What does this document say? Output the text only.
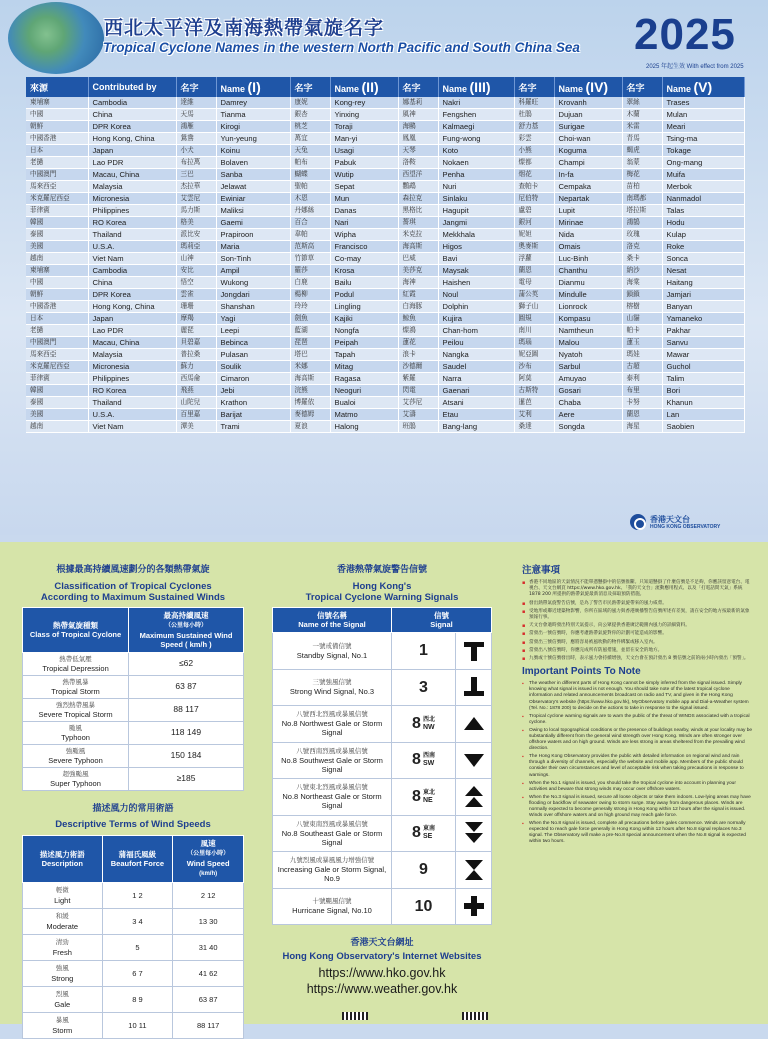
西北太平洋及南海熱帶氣旋名字
Tropical Cyclone Names in the western North Pacific and South China Sea 2025
2025 年起生效 With effect from 2025
來源	Contributed by	名字	Name (I)	名字	Name (II)	名字	Name (III)	名字	Name (IV)	名字	Name (V)
柬埔寨	Cambodia	達維	Damrey	康妮	Kong-rey	娜基莉	Nakri	科羅旺	Krovanh	翠絲	Trases
中國	China	天馬	Tianma	銀杏	Yinxing	風神	Fengshen	杜鵑	Dujuan	木蘭	Mulan
朝鮮	DPR Korea	鴻雁	Kirogi	桃芝	Toraji	海鷗	Kalmaegi	舒力基	Surigae	米雷	Meari
中國香港	Hong Kong, China	鴛鴦	Yun-yeung	萬宜	Man-yi	鳳凰	Fung-wong	彩雲	Choi-wan	青馬	Tsing-ma
日本	Japan	小犬	Koinu	天兔	Usagi	天琴	Koto	小熊	Koguma	蝎虎	Tokage
老撾	Lao PDR	布拉萬	Bolaven	帕布	Pabuk	洛鞍	Nokaen	燦都	Champi	翁蒙	Ong-mang
中國澳門	Macau, China	三巴	Sanba	蝴蝶	Wutip	西望洋	Penha	烟花	In-fa	梅花	Muifa
馬來西亞	Malaysia	杰拉華	Jelawat	聖帕	Sepat	鸚鵡	Nuri	查帕卡	Cempaka	苗柏	Merbok
米克羅尼西亞	Micronesia	艾雲尼	Ewiniar	木恩	Mun	森拉克	Sinlaku	尼伯特	Nepartak	南瑪都	Nanmadol
菲律賓	Philippines	馬力斯	Maliksi	丹娜絲	Danas	黑格比	Hagupit	盧碧	Lupit	塔拉斯	Talas
韓國	RO Korea	格美	Gaemi	百合	Nari	薔琪	Jangmi	銀河	Mirinae	鴻鵠	Hodu
泰國	Thailand	派比安	Prapiroon	韋帕	Wipha	米克拉	Mekkhala	妮妲	Nida	玫瑰	Kulap
美國	U.S.A.	瑪莉亞	Maria	范斯高	Francisco	海高斯	Higos	奧麥斯	Omais	洛克	Roke
越南	Viet Nam	山神	Son-Tinh	竹節草	Co-may	巴威	Bavi	浮蘿	Luc-Binh	桑卡	Sonca
柬埔寨	Cambodia	安比	Ampil	羅莎	Krosa	美莎克	Maysak	蘭恩	Chanthu	納沙	Nesat
中國	China	悟空	Wukong	白鹿	Bailu	海神	Haishen	電母	Dianmu	海棠	Haitang
朝鮮	DPR Korea	雲雀	Jongdari	楊柳	Podul	紅霞	Noul	蒲公英	Mindulle	鎖鎖	Jamjari
中國香港	Hong Kong, China	珊珊	Shanshan	玲玲	Lingling	白海豚	Dolphin	獅子山	Lionrock	榕樹	Banyan
日本	Japan	摩羯	Yagi	劍魚	Kajiki	鯨魚	Kujira	圓規	Kompasu	山貓	Yamaneko
老撾	Lao PDR	麗琵	Leepi	藍湖	Nongfa	燦鴻	Chan-hom	南川	Namtheun	帕卡	Pakhar
中國澳門	Macau, China	貝碧嘉	Bebinca	琵琶	Peipah	蓮花	Peilou	瑪瑙	Malou	蓮玉	Sanvu
馬來西亞	Malaysia	普拉桑	Pulasan	塔巴	Tapah	浪卡	Nangka	妮亞圖	Nyatoh	瑪娃	Mawar
米克羅尼西亞	Micronesia	蘇力	Soulik	米娜	Mitag	沙德爾	Saudel	沙布	Sarbul	古超	Guchol
菲律賓	Philippines	西馬侖	Cimaron	海高斯	Ragasa	紫羅	Narra	阿莫	Amuyao	泰利	Talim
韓國	RO Korea	飛燕	Jebi	浣熊	Neoguri	閃電	Gaenari	古斯特	Gosari	布里	Bori
泰國	Thailand	山陀兒	Krathon	博羅依	Bualoi	艾莎尼	Atsani	暹芭	Chaba	卡努	Khanun
美國	U.S.A.	百里嘉	Barijat	麥德姆	Matmo	艾濤	Etau	艾利	Aere	蘭恩	Lan
越南	Viet Nam	潭美	Trami	夏浪	Halong	班鵑	Bang-lang	桑達	Songda	海星	Saobien
香港天文台
HONG KONG OBSERVATORY
根據最高持續風速劃分的各類熱帶氣旋
Classification of Tropical Cyclones
According to Maximum Sustained Winds
熱帶氣旋種類
Class of Tropical Cyclone	最高持續風速
（公里每小時）
Maximum Sustained Wind Speed ( km/h )

熱帶低氣壓
Tropical Depression	≤62

熱帶風暴
Tropical Storm	63 87

強烈熱帶風暴
Severe Tropical Storm	88 117

颱風
Typhoon	118 149

強颱風
Severe Typhoon	150 184

超強颱風
Super Typhoon	≥185
描述風力的常用術語
Descriptive Terms of Wind Speeds
描述風力術語
Description	蒲福氏風級
Beaufort Force	風速
（公里每小時）
Wind Speed
(km/h)

輕微
Light	1 2	2 12

和緩
Moderate	3 4	13 30

清勁
Fresh	5	31 40

強風
Strong	6 7	41 62

烈風
Gale	8 9	63 87

暴風
Storm	10 11	88 117
香港熱帶氣旋警告信號
Hong Kong's
Tropical Cyclone Warning Signals
信號名稱
Name of the Signal	信號
Signal	

一號戒備信號
Standby Signal, No.1	1	

三號強風信號
Strong Wind Signal, No.3	3	

八號西北烈風或暴風信號
No.8 Northwest Gale or Storm Signal	8 西北
NW	

八號西南烈風或暴風信號
No.8 Southwest Gale or Storm Signal	8 西南
SW	

八號東北烈風或暴風信號
No.8 Northeast Gale or Storm Signal	8 東北
NE	

八號東南烈風或暴風信號
No.8 Southeast Gale or Storm Signal	8 東南
SE	

九號烈風或暴風風力增強信號
Increasing Gale or Storm Signal, No.9	9	

十號颶風信號
Hurricane Signal, No.10	10	
香港天文台網址
Hong Kong Observatory's Internet Websites
https://www.hko.gov.hk
https://www.weather.gov.hk
注意事項
▪ 香港不同地區的天氣情況不能單憑懸掛中的信號推斷。只知道懸掛了什麼信號是不足夠，你應該留意電台、電視台、天文台網頁 https://www.hko.gov.hk、「我的天文台」流動應用程式、以及「打電話問天氣」系統 1878 200 所提供的熱帶氣旋最新消息及採取預防措施。
▪ 發出熱帶氣旋警告信號，是為了警告市民熱帶氣旋帶來的風力威脅。
▪ 受地形或鄰近建築物影響，你所在區域的風力與香港廣播警告信號所述有差異，請在安全的地方按最新的氣象預報行事。
▪ 天文台會適時發出特別天氣提示，向公眾提供香港廣泛範圍內風力的詳細資料。
▪ 當發出一號信號時，你應考慮熱帶氣旋對你的計劃可能造成的影響。
▪ 當發出三號信號時，應將容易被風吹動的物件綁緊或移入室內。
▪ 當發出八號信號時，你應完成所有防風措施，並留在安全的地方。
▪ 九號或十號信號發出時，表示風力會持續增強，天文台會在預計發出 8 號信號之前的兩小時內發出「預警」。
Important Points To Note
▪ The weather in different parts of Hong Kong cannot be simply inferred from the signal issued. Simply knowing what signal is issued is not enough. You should take note of the latest tropical cyclone information and related announcements broadcast on radio and TV, and given in the Hong Kong Observatory's website (https://www.hko.gov.hk), MyObservatory mobile app and Dial-a-Weather system (Tel. No.: 1878 200) to decide on the actions to take in response to the signal issued.
▪ Tropical cyclone warning signals are to warn the public of the threat of WINDS associated with a tropical cyclone.
▪ Owing to local topographical conditions or the presence of buildings nearby, winds at your locality may be substantially different from the general wind strength over Hong Kong. Winds are often stronger over offshore waters and on high ground. Winds are less strong in areas sheltered from the prevailing wind direction.
▪ The Hong Kong Observatory provides the public with detailed information on regional wind and rain through a diversity of channels, especially the website and mobile app. Members of the public should consider their own circumstances and level of acceptable risk when taking precautions in response to warnings.
▪ When the No.1 signal is issued, you should take the tropical cyclone into account in planning your activities and beware that strong winds may occur over offshore waters.
▪ When the No.3 signal is issued, secure all loose objects or take them indoors. Low-lying areas may have flooding or backflow of seawater owing to storm surge. Stay away from dangerous places. Winds are normally expected to become generally strong in Hong Kong within 12 hours after the signal is issued. Winds over offshore waters and on high ground may reach gale force.
▪ When the No.8 signal is issued, complete all precautions before gales commence. Winds are normally expected to reach gale force generally in Hong Kong within 12 hours after No.8 signal replaces No.3 signal. The Observatory will make a pre-No.8 special announcement when the No.8 signal is expected within two hours.
